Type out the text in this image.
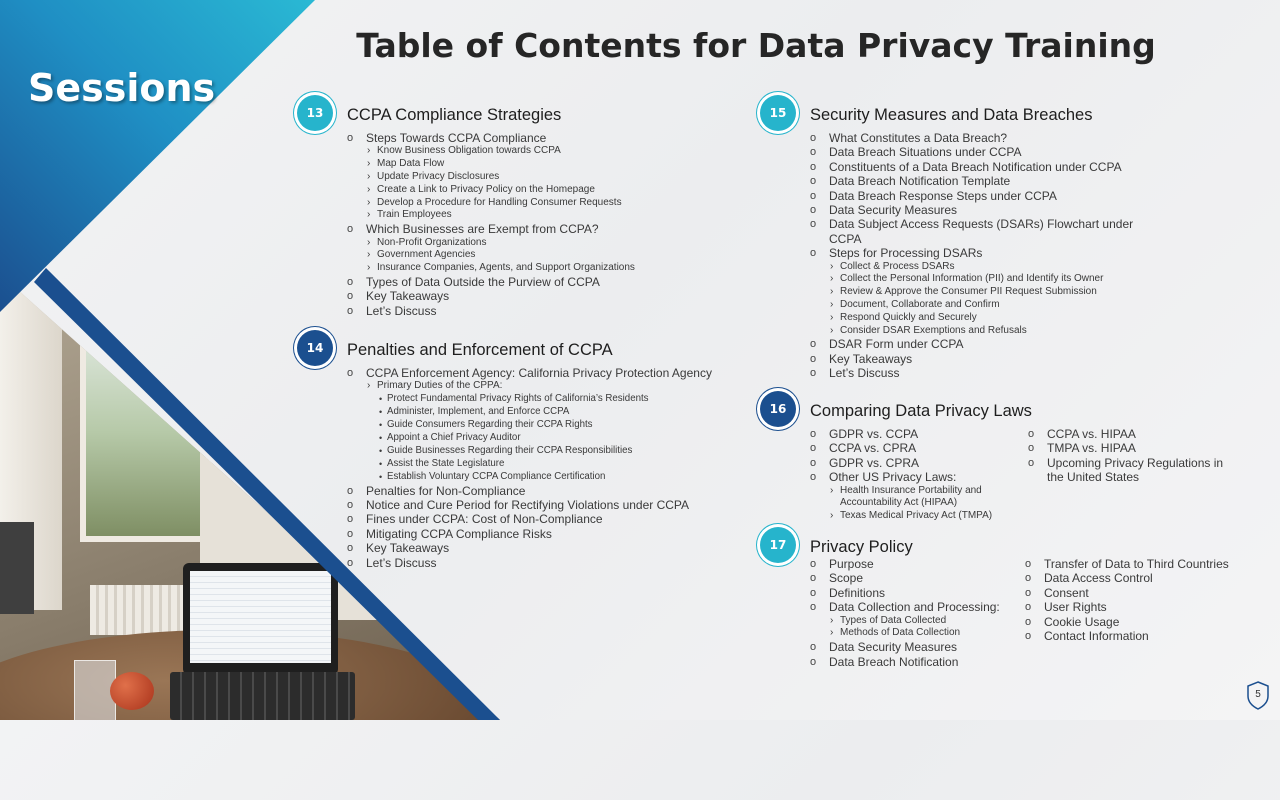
Sessions
Table of Contents for Data Privacy Training
13	CCPA Compliance Strategies
o Steps Towards CCPA Compliance
› Know Business Obligation towards CCPA
› Map Data Flow
› Update Privacy Disclosures
› Create a Link to Privacy Policy on the Homepage
› Develop a Procedure for Handling Consumer Requests
› Train Employees
o Which Businesses are Exempt from CCPA?
› Non-Profit Organizations
› Government Agencies
› Insurance Companies, Agents, and Support Organizations
o Types of Data Outside the Purview of CCPA
o Key Takeaways
o Let’s Discuss
14	Penalties and Enforcement of CCPA
o CCPA Enforcement Agency: California Privacy Protection Agency
› Primary Duties of the CPPA:
• Protect Fundamental Privacy Rights of California’s Residents
• Administer, Implement, and Enforce CCPA
• Guide Consumers Regarding their CCPA Rights
• Appoint a Chief Privacy Auditor
• Guide Businesses Regarding their CCPA Responsibilities
• Assist the State Legislature
• Establish Voluntary CCPA Compliance Certification
o Penalties for Non-Compliance
o Notice and Cure Period for Rectifying Violations under CCPA
o Fines under CCPA: Cost of Non-Compliance
o Mitigating CCPA Compliance Risks
o Key Takeaways
o Let’s Discuss
15	Security Measures and Data Breaches
o What Constitutes a Data Breach?
o Data Breach Situations under CCPA
o Constituents of a Data Breach Notification under CCPA
o Data Breach Notification Template
o Data Breach Response Steps under CCPA
o Data Security Measures
o Data Subject Access Requests (DSARs) Flowchart under CCPA
o Steps for Processing DSARs
› Collect & Process DSARs
› Collect the Personal Information (PII) and Identify its Owner
› Review & Approve the Consumer PII Request Submission
› Document, Collaborate and Confirm
› Respond Quickly and Securely
› Consider DSAR Exemptions and Refusals
o DSAR Form under CCPA
o Key Takeaways
o Let’s Discuss
16	Comparing Data Privacy Laws
o GDPR vs. CCPA
o CCPA vs. CPRA
o GDPR vs. CPRA
o Other US Privacy Laws:
› Health Insurance Portability and Accountability Act (HIPAA)
› Texas Medical Privacy Act (TMPA)
o CCPA vs. HIPAA
o TMPA vs. HIPAA
o Upcoming Privacy Regulations in the United States
17	Privacy Policy
o Purpose
o Scope
o Definitions
o Data Collection and Processing:
› Types of Data Collected
› Methods of Data Collection
o Data Security Measures
o Data Breach Notification
o Transfer of Data to Third Countries
o Data Access Control
o Consent
o User Rights
o Cookie Usage
o Contact Information
5
